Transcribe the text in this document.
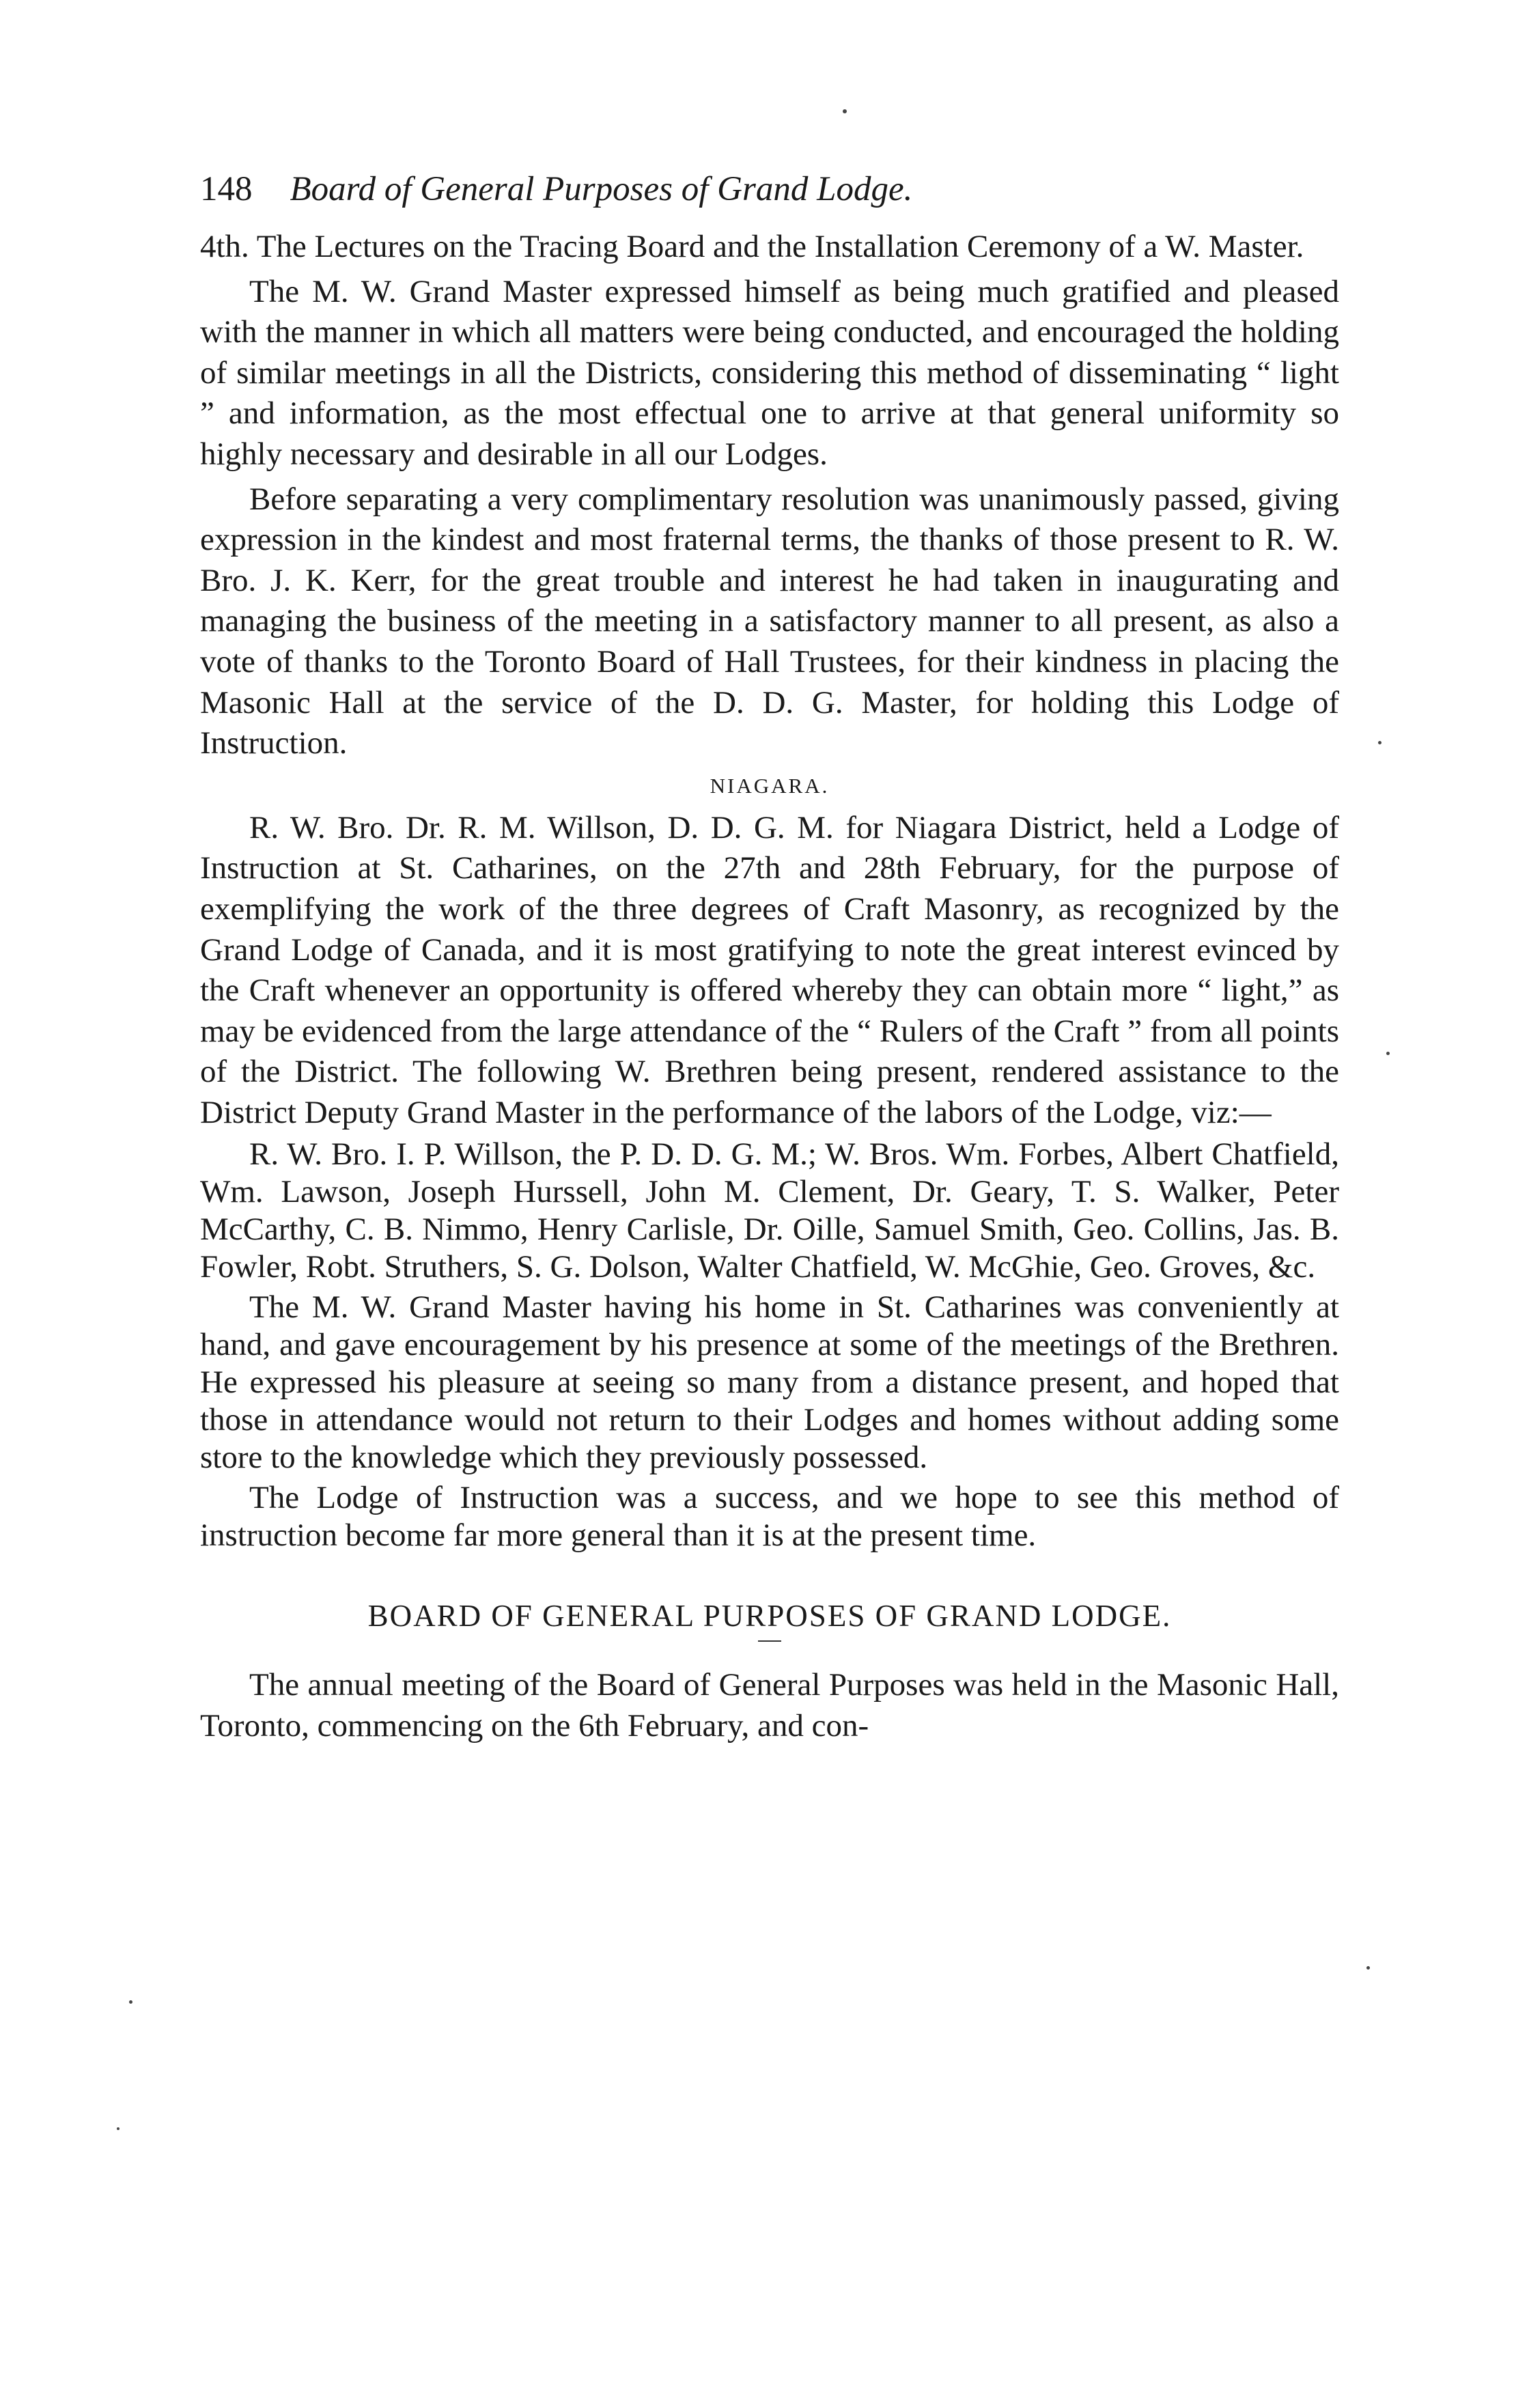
148 Board of General Purposes of Grand Lodge.

4th. The Lectures on the Tracing Board and the Installation Ceremony of a W. Master.

The M. W. Grand Master expressed himself as being much gratified and pleased with the manner in which all matters were being conducted, and encouraged the holding of similar meetings in all the Districts, considering this method of disseminating “ light ” and information, as the most effectual one to arrive at that general uniformity so highly necessary and desirable in all our Lodges.

Before separating a very complimentary resolution was unanimously passed, giving expression in the kindest and most fraternal terms, the thanks of those present to R. W. Bro. J. K. Kerr, for the great trouble and interest he had taken in inaugurating and managing the business of the meeting in a satisfactory manner to all present, as also a vote of thanks to the Toronto Board of Hall Trustees, for their kindness in placing the Masonic Hall at the service of the D. D. G. Master, for holding this Lodge of Instruction.

NIAGARA.

R. W. Bro. Dr. R. M. Willson, D. D. G. M. for Niagara District, held a Lodge of Instruction at St. Catharines, on the 27th and 28th February, for the purpose of exemplifying the work of the three degrees of Craft Masonry, as recognized by the Grand Lodge of Canada, and it is most gratifying to note the great interest evinced by the Craft whenever an opportunity is offered whereby they can obtain more “ light,” as may be evidenced from the large attendance of the “ Rulers of the Craft ” from all points of the District. The following W. Brethren being present, rendered assistance to the District Deputy Grand Master in the performance of the labors of the Lodge, viz:—

R. W. Bro. I. P. Willson, the P. D. D. G. M.; W. Bros. Wm. Forbes, Albert Chatfield, Wm. Lawson, Joseph Hurssell, John M. Clement, Dr. Geary, T. S. Walker, Peter McCarthy, C. B. Nimmo, Henry Carlisle, Dr. Oille, Samuel Smith, Geo. Collins, Jas. B. Fowler, Robt. Struthers, S. G. Dolson, Walter Chatfield, W. McGhie, Geo. Groves, &c.

The M. W. Grand Master having his home in St. Catharines was conveniently at hand, and gave encouragement by his presence at some of the meetings of the Brethren. He expressed his pleasure at seeing so many from a distance present, and hoped that those in attendance would not return to their Lodges and homes without adding some store to the knowledge which they previously possessed.

The Lodge of Instruction was a success, and we hope to see this method of instruction become far more general than it is at the present time.

BOARD OF GENERAL PURPOSES OF GRAND LODGE.

The annual meeting of the Board of General Purposes was held in the Masonic Hall, Toronto, commencing on the 6th February, and con-
